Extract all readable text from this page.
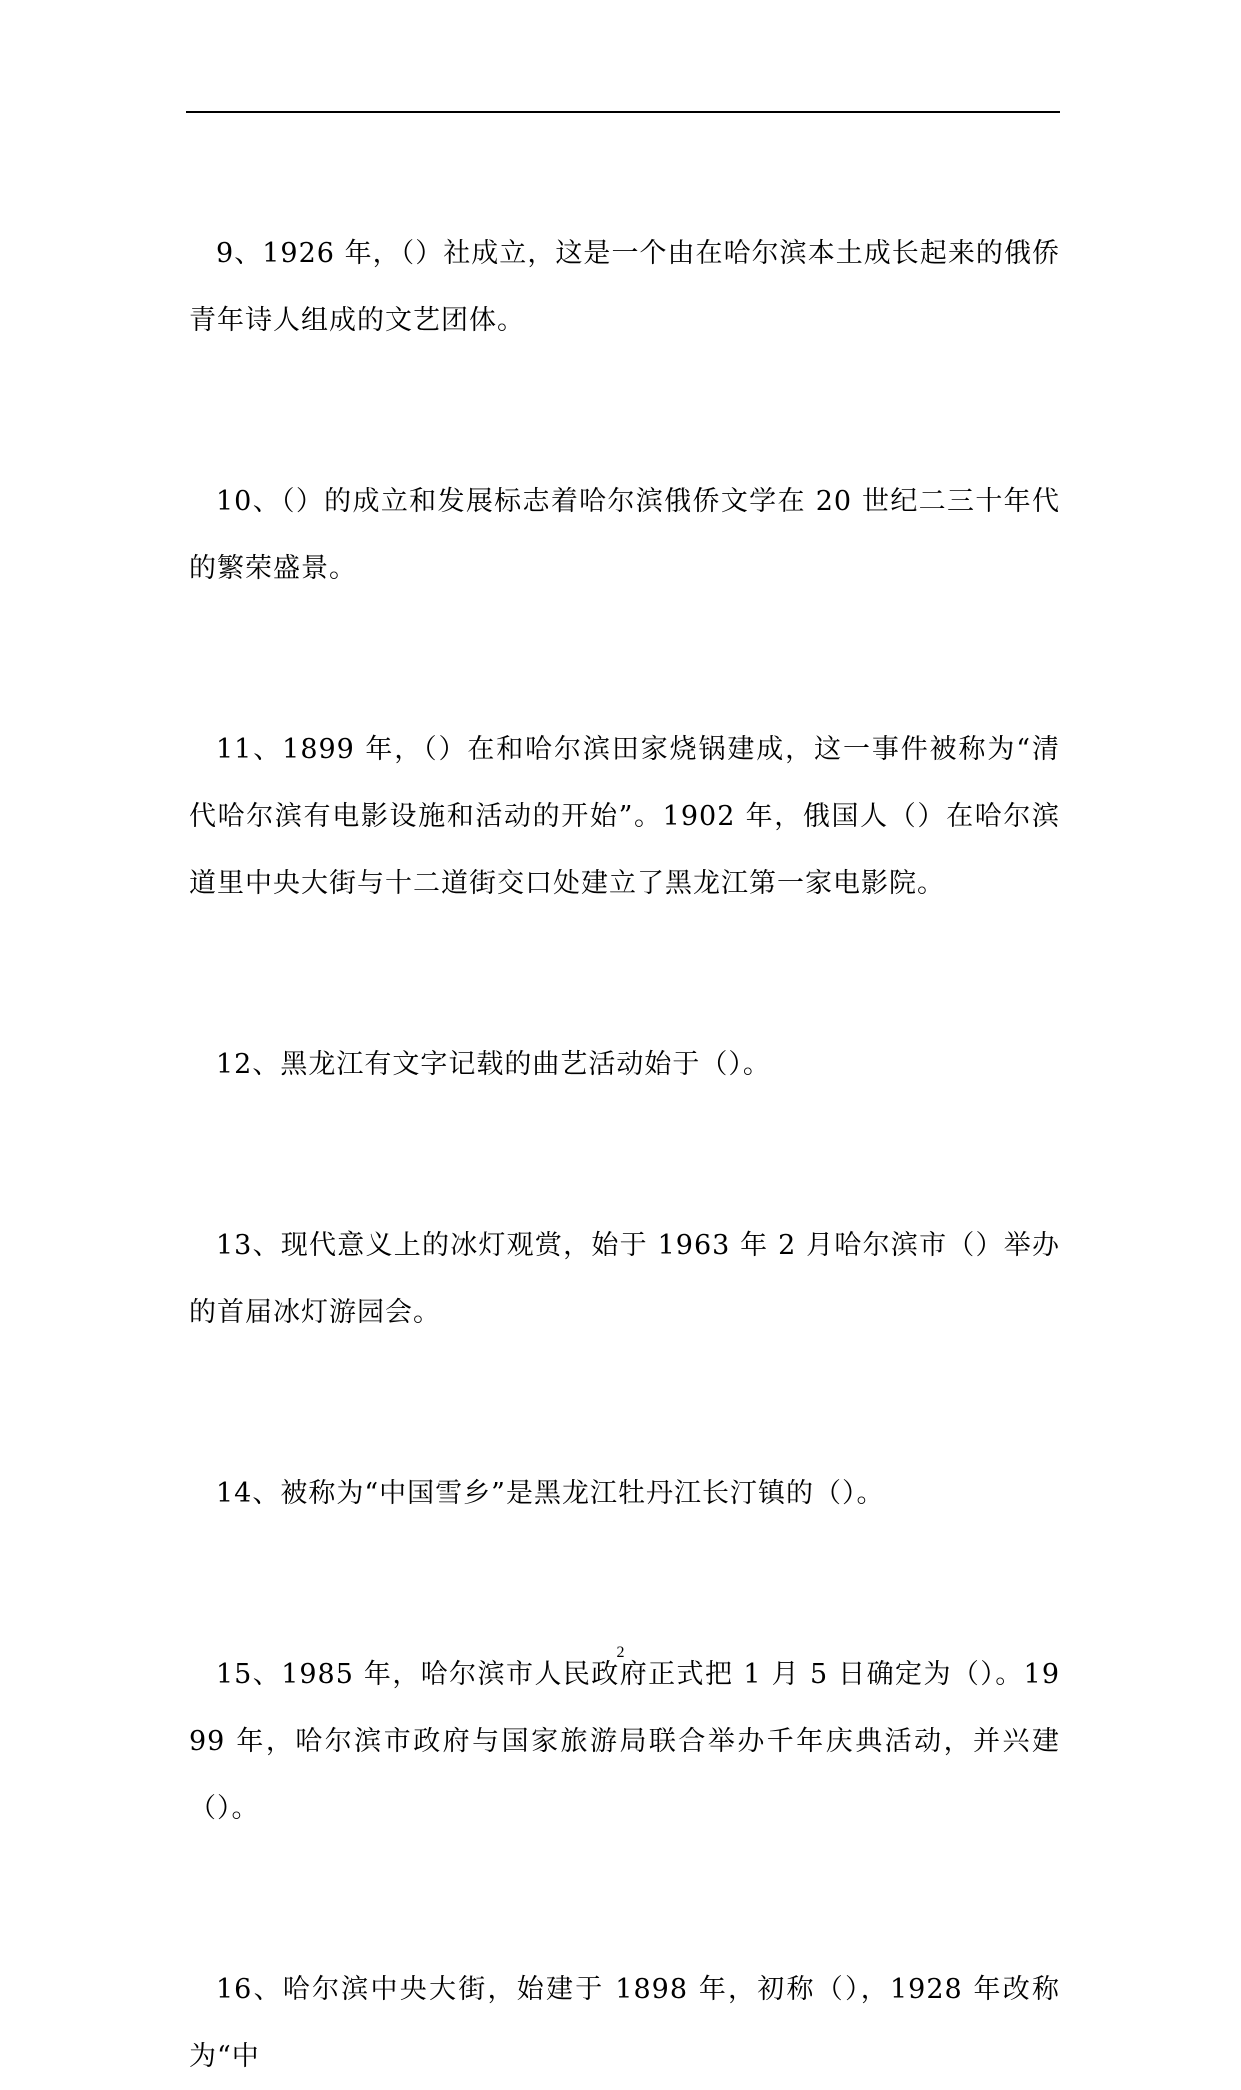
9、1926 年，（）社成立，这是一个由在哈尔滨本土成长起来的俄侨青年诗人组成的文艺团体。

10、（）的成立和发展标志着哈尔滨俄侨文学在 20 世纪二三十年代的繁荣盛景。

11、1899 年，（）在和哈尔滨田家烧锅建成，这一事件被称为“清代哈尔滨有电影设施和活动的开始”。1902 年，俄国人（）在哈尔滨道里中央大街与十二道街交口处建立了黑龙江第一家电影院。

12、黑龙江有文字记载的曲艺活动始于（）。

13、现代意义上的冰灯观赏，始于 1963 年 2 月哈尔滨市（）举办的首届冰灯游园会。

14、被称为“中国雪乡”是黑龙江牡丹江长汀镇的（）。

15、1985 年，哈尔滨市人民政府正式把 1 月 5 日确定为（）。1999 年，哈尔滨市政府与国家旅游局联合举办千年庆典活动，并兴建（）。

16、哈尔滨中央大街，始建于 1898 年，初称（），1928 年改称为“中

2
